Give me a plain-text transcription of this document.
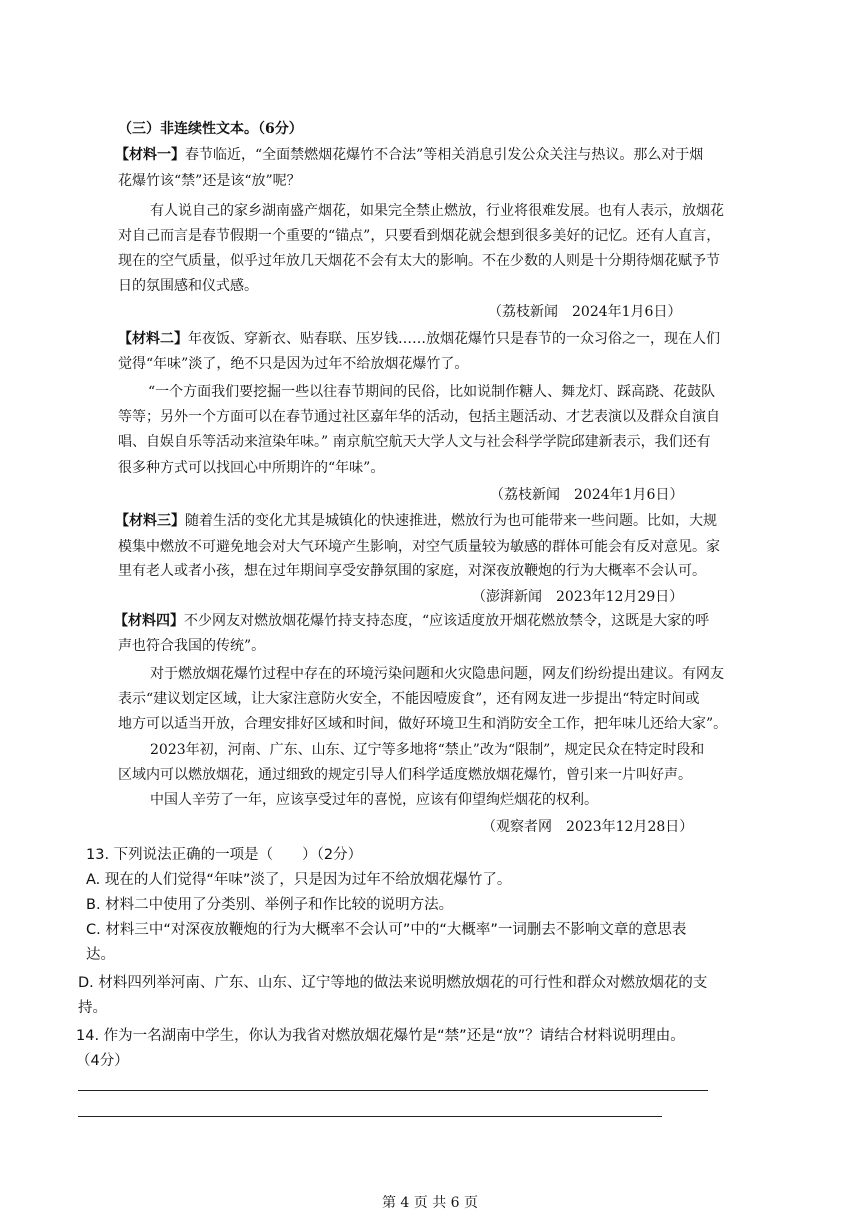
（三）非连续性文本。（6分）
【材料一】春节临近，“全面禁燃烟花爆竹不合法”等相关消息引发公众关注与热议。那么对于烟
花爆竹该“禁”还是该“放”呢？
有人说自己的家乡湖南盛产烟花，如果完全禁止燃放，行业将很难发展。也有人表示，放烟花
对自己而言是春节假期一个重要的“锚点”，只要看到烟花就会想到很多美好的记忆。还有人直言，
现在的空气质量，似乎过年放几天烟花不会有太大的影响。不在少数的人则是十分期待烟花赋予节
日的氛围感和仪式感。
（荔枝新闻　2024年1月6日）
【材料二】年夜饭、穿新衣、贴春联、压岁钱……放烟花爆竹只是春节的一众习俗之一，现在人们
觉得“年味”淡了，绝不只是因为过年不给放烟花爆竹了。
“一个方面我们要挖掘一些以往春节期间的民俗，比如说制作糖人、舞龙灯、踩高跷、花鼓队
等等；另外一个方面可以在春节通过社区嘉年华的活动，包括主题活动、才艺表演以及群众自演自
唱、自娱自乐等活动来渲染年味。” 南京航空航天大学人文与社会科学学院邱建新表示，我们还有
很多种方式可以找回心中所期许的“年味”。
（荔枝新闻　2024年1月6日）
【材料三】随着生活的变化尤其是城镇化的快速推进，燃放行为也可能带来一些问题。比如，大规
模集中燃放不可避免地会对大气环境产生影响，对空气质量较为敏感的群体可能会有反对意见。家
里有老人或者小孩，想在过年期间享受安静氛围的家庭，对深夜放鞭炮的行为大概率不会认可。
（澎湃新闻　2023年12月29日）
【材料四】不少网友对燃放烟花爆竹持支持态度，“应该适度放开烟花燃放禁令，这既是大家的呼
声也符合我国的传统”。
对于燃放烟花爆竹过程中存在的环境污染问题和火灾隐患问题，网友们纷纷提出建议。有网友
表示“建议划定区域，让大家注意防火安全，不能因噎废食”，还有网友进一步提出“特定时间或
地方可以适当开放，合理安排好区域和时间，做好环境卫生和消防安全工作，把年味儿还给大家”。
2023年初，河南、广东、山东、辽宁等多地将“禁止”改为“限制”，规定民众在特定时段和
区域内可以燃放烟花，通过细致的规定引导人们科学适度燃放烟花爆竹，曾引来一片叫好声。
中国人辛劳了一年，应该享受过年的喜悦，应该有仰望绚烂烟花的权利。
（观察者网　2023年12月28日）
13. 下列说法正确的一项是（　　）（2分）
A. 现在的人们觉得“年味”淡了，只是因为过年不给放烟花爆竹了。
B. 材料二中使用了分类别、举例子和作比较的说明方法。
C. 材料三中“对深夜放鞭炮的行为大概率不会认可”中的“大概率”一词删去不影响文章的意思表
达。
D. 材料四列举河南、广东、山东、辽宁等地的做法来说明燃放烟花的可行性和群众对燃放烟花的支
持。
14. 作为一名湖南中学生，你认为我省对燃放烟花爆竹是“禁”还是“放”？请结合材料说明理由。
（4分）
第 4 页 共 6 页
